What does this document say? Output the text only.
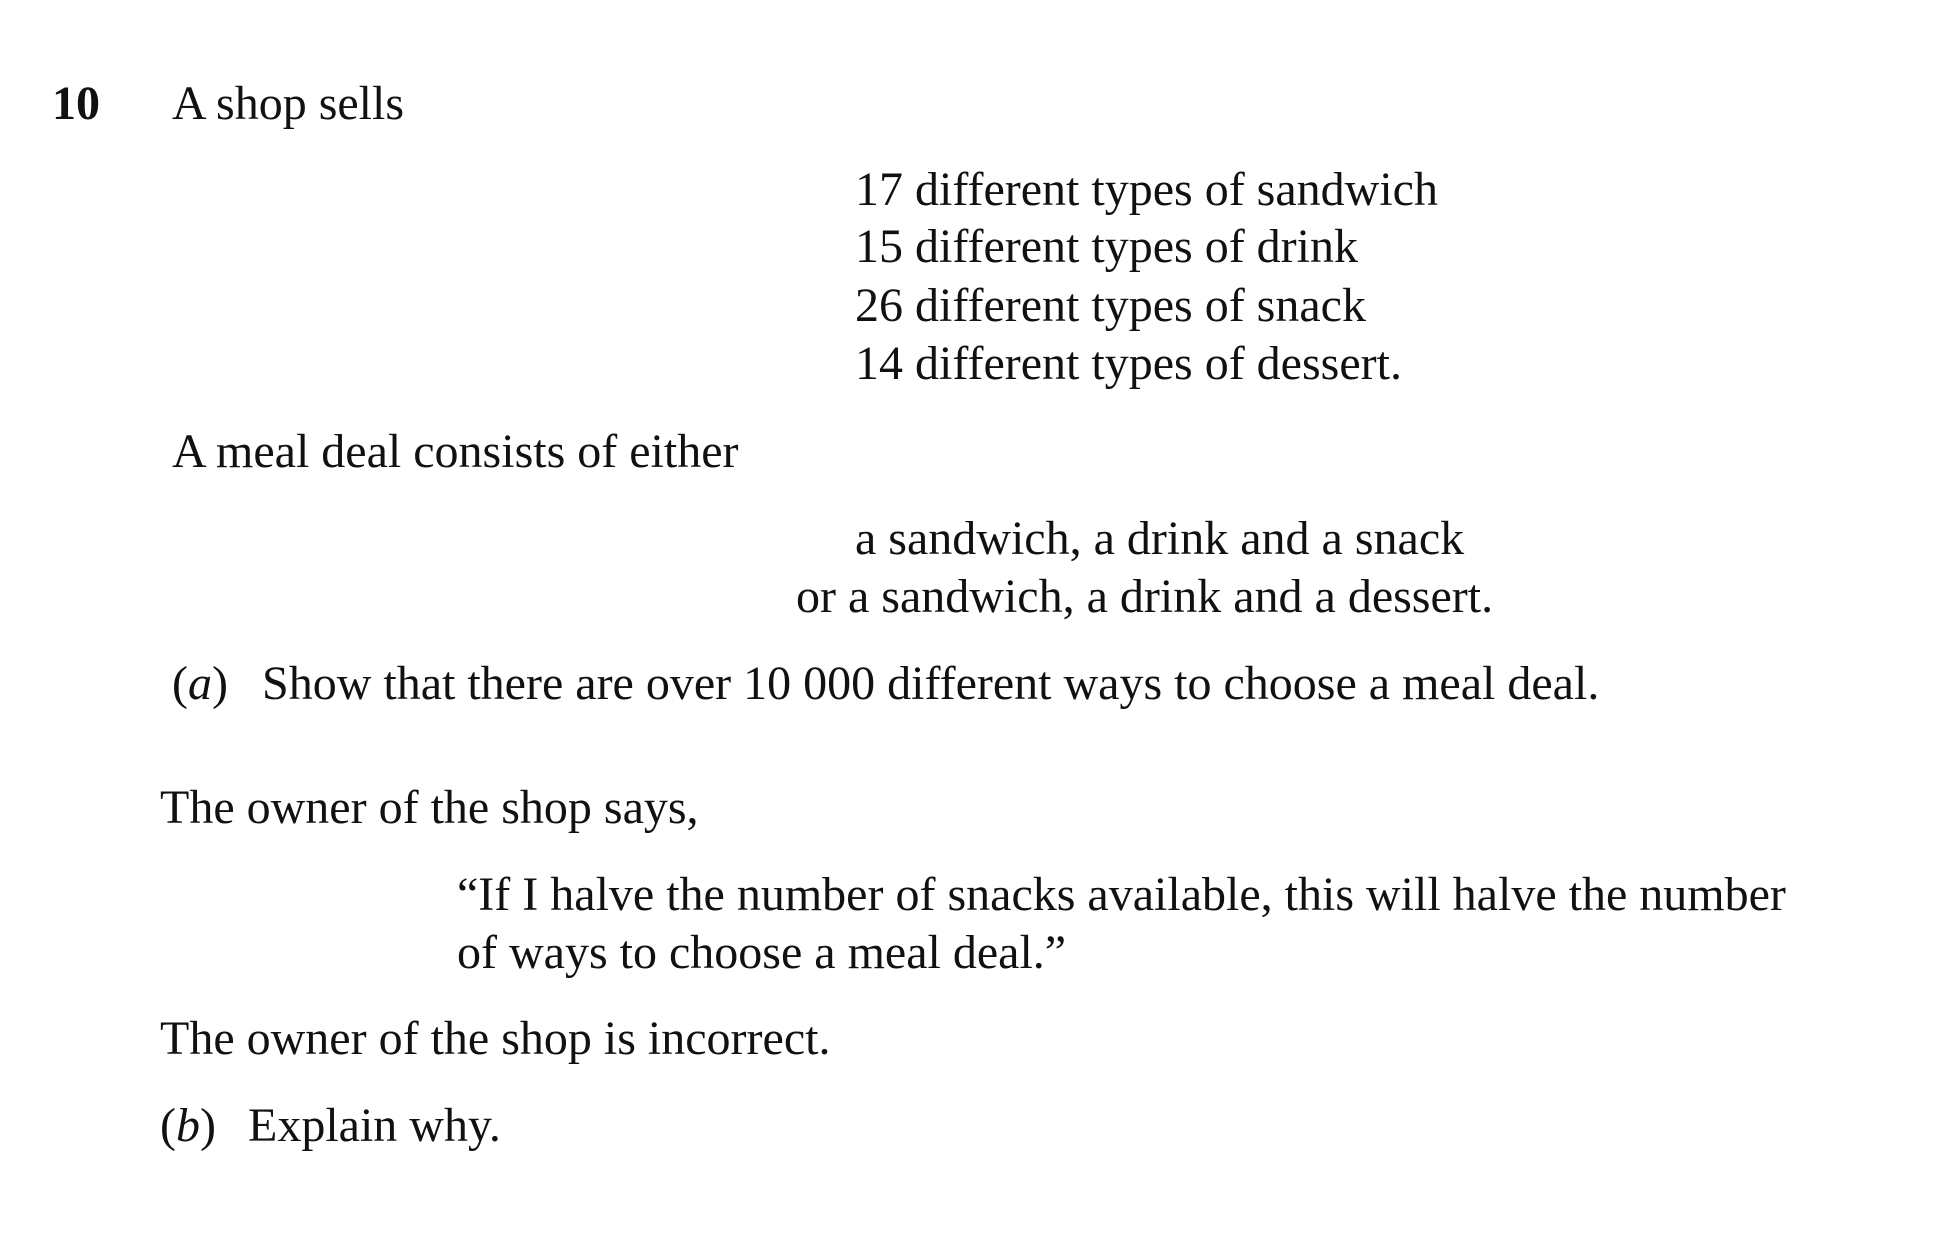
10 A shop sells
17 different types of sandwich
15 different types of drink
26 different types of snack
14 different types of dessert.
A meal deal consists of either
a sandwich, a drink and a snack
or a sandwich, a drink and a dessert.
(a) Show that there are over 10 000 different ways to choose a meal deal.
The owner of the shop says,
“If I halve the number of snacks available, this will halve the number
of ways to choose a meal deal.”
The owner of the shop is incorrect.
(b) Explain why.
